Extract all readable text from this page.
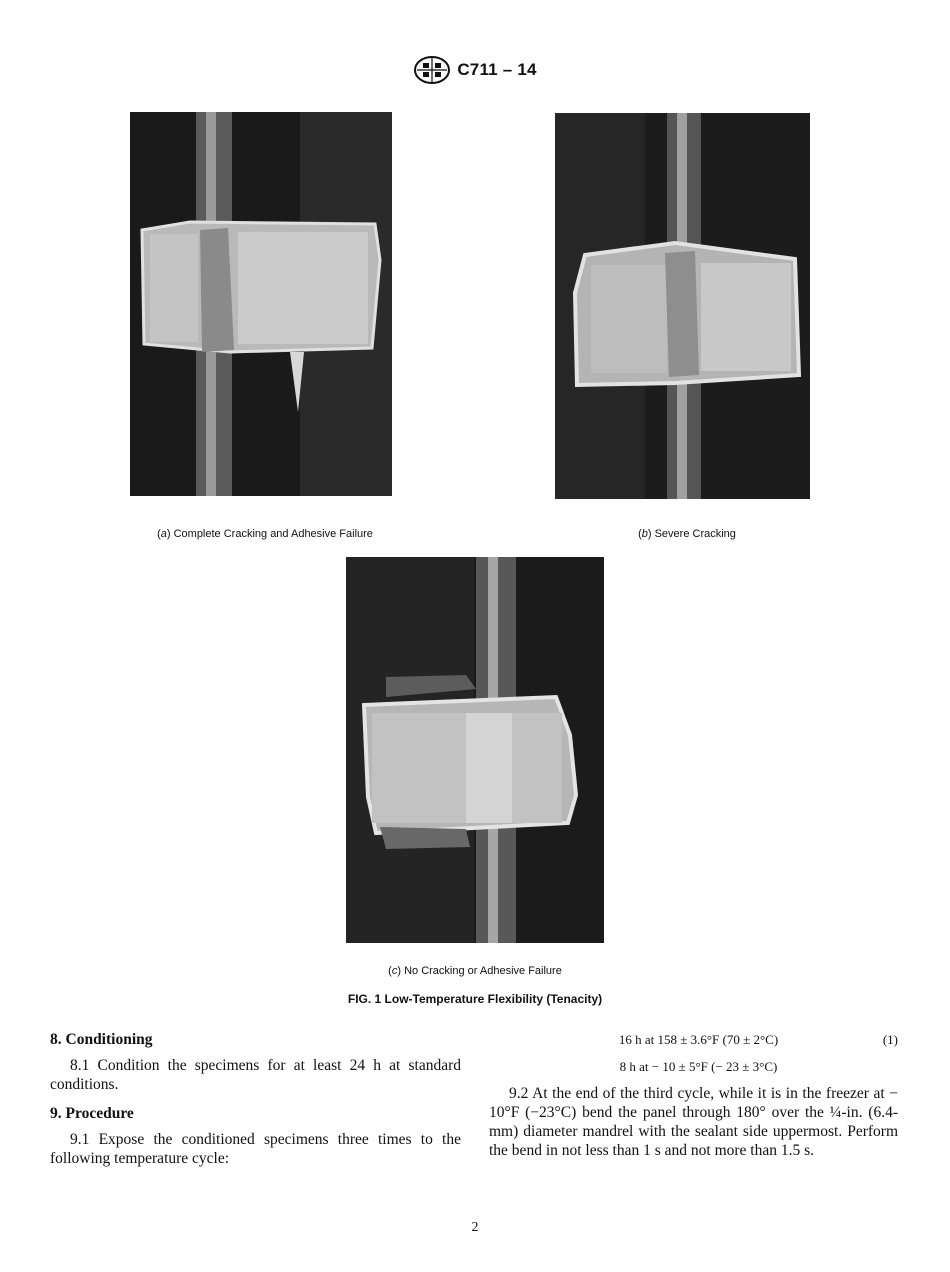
C711 – 14
(a) Complete Cracking and Adhesive Failure	(b) Severe Cracking
(c) No Cracking or Adhesive Failure
FIG. 1 Low-Temperature Flexibility (Tenacity)
8. Conditioning

8.1 Condition the specimens for at least 24 h at standard conditions.

9. Procedure

9.1 Expose the conditioned specimens three times to the following temperature cycle:

16 h at 158 ± 3.6°F (70 ± 2°C)	(1)
8 h at − 10 ± 5°F (− 23 ± 3°C)

9.2 At the end of the third cycle, while it is in the freezer at − 10°F (−23°C) bend the panel through 180° over the ¼-in. (6.4-mm) diameter mandrel with the sealant side uppermost. Perform the bend in not less than 1 s and not more than 1.5 s.

2
